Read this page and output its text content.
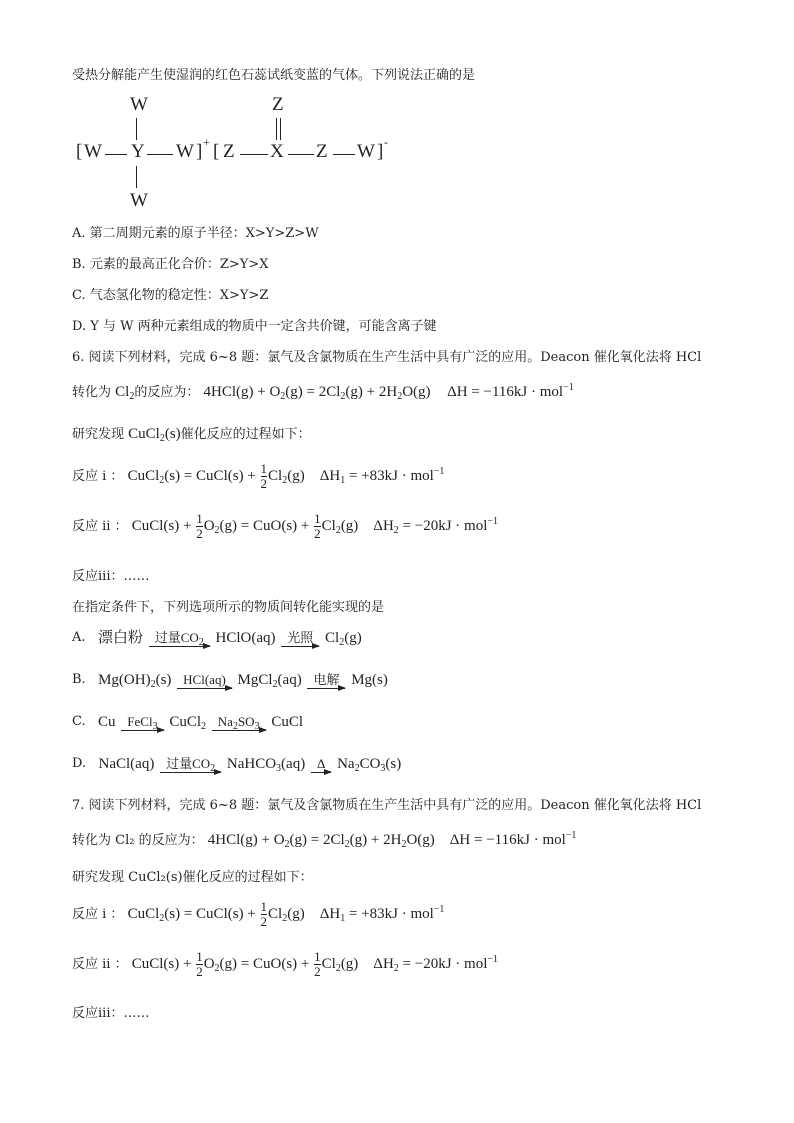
受热分解能产生使湿润的红色石蕊试纸变蓝的气体。下列说法正确的是
W
[ W Y W ] + [ Z
Z
X Z W ] -
W
A. 第二周期元素的原子半径：X>Y>Z>W
B. 元素的最高正化合价：Z>Y>X
C. 气态氢化物的稳定性：X>Y>Z
D. Y 与 W 两种元素组成的物质中一定含共价键，可能含离子键
6. 阅读下列材料，完成 6~8 题：氯气及含氯物质在生产生活中具有广泛的应用。Deacon 催化氧化法将 HCl
转化为 $Cl_2$的反应为： $4HCl(g) + O_2(g) = 2Cl_2(g) + 2H_2O(g) \Delta H = -116kJ \cdot mol^{-1}$
研究发现 CuCl$_2$(s)催化反应的过程如下：
反应 i ： CuCl$_2$(s) = CuCl(s) + $\frac{1}{2} Cl_2(g)$    $\Delta H_1 = +83kJ \cdot mol^{-1}$
反应 ii ： CuCl(s) + $\frac{1}{2} O_2(g) = CuO(s) + \frac{1}{2} Cl_2(g)$    $\Delta H_2 = -20kJ \cdot mol^{-1}$
反应iii：……
在指定条件下，下列选项所示的物质间转化能实现的是
A. 漂白粉 过量$CO_2$ HClO(aq) 光照 $Cl_2(g)$
B. $Mg(OH)_2(s)$ HCl(aq) MgCl$_2$(aq) 电解 Mg(s)
C. Cu FeCl$_3$ CuCl$_2$ $Na_2SO_3$ CuCl
D. NaCl(aq) 过量$CO_2$ NaHCO$_3$(aq) Δ $Na_2CO_3(s)$
7. 阅读下列材料，完成 6~8 题：氯气及含氯物质在生产生活中具有广泛的应用。Deacon 催化氧化法将 HCl
转化为 Cl₂ 的反应为： $4HCl(g) + O_2(g) = 2Cl_2(g) + 2H_2O(g)$    ΔH = −116kJ · mol$^{-1}$
研究发现 CuCl₂(s)催化反应的过程如下：
反应 i ： CuCl$_2$(s) = CuCl(s) + $\frac{1}{2} Cl_2(g)$    $\Delta H_1 = +83kJ \cdot mol^{-1}$
反应 ii ： CuCl(s) + $\frac{1}{2} O_2(g) = CuO(s) + \frac{1}{2} Cl_2(g)$    $\Delta H_2 = -20kJ \cdot mol^{-1}$
反应iii：……
